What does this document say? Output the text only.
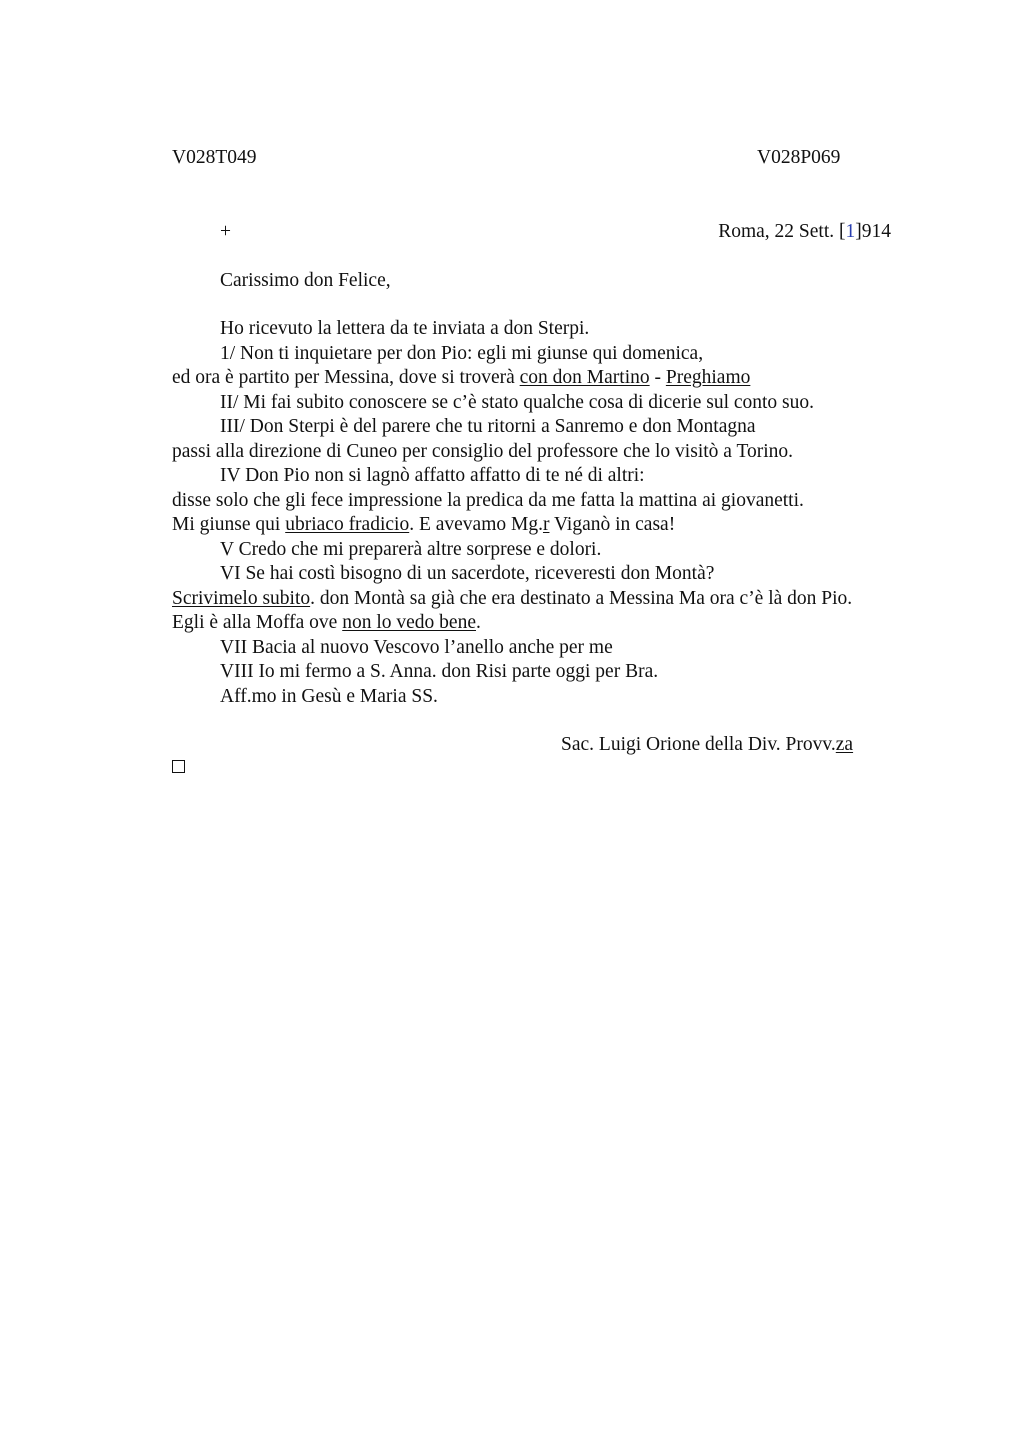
V028T049	V028P069
+	Roma, 22 Sett. [1]914
Carissimo don Felice,
Ho ricevuto la lettera da te inviata a don Sterpi.
1/ Non ti inquietare per don Pio: egli mi giunse qui domenica,
ed ora è partito per Messina, dove si troverà con don Martino - Preghiamo
II/ Mi fai subito conoscere se c’è stato qualche cosa di dicerie sul conto suo.
III/ Don Sterpi è del parere che tu ritorni a Sanremo e don Montagna
passi alla direzione di Cuneo per consiglio del professore che lo visitò a Torino.
IV Don Pio non si lagnò affatto affatto di te né di altri:
disse solo che gli fece impressione la predica da me fatta la mattina ai giovanetti.
Mi giunse qui ubriaco fradicio. E avevamo Mg.r Viganò in casa!
V Credo che mi preparerà altre sorprese e dolori.
VI Se hai costì bisogno di un sacerdote, riceveresti don Montà?
Scrivimelo subito. don Montà sa già che era destinato a Messina Ma ora c’è là don Pio.
Egli è alla Moffa ove non lo vedo bene.
VII Bacia al nuovo Vescovo l’anello anche per me
VIII Io mi fermo a S. Anna. don Risi parte oggi per Bra.
Aff.mo in Gesù e Maria SS.
Sac. Luigi Orione della Div. Provv.za
